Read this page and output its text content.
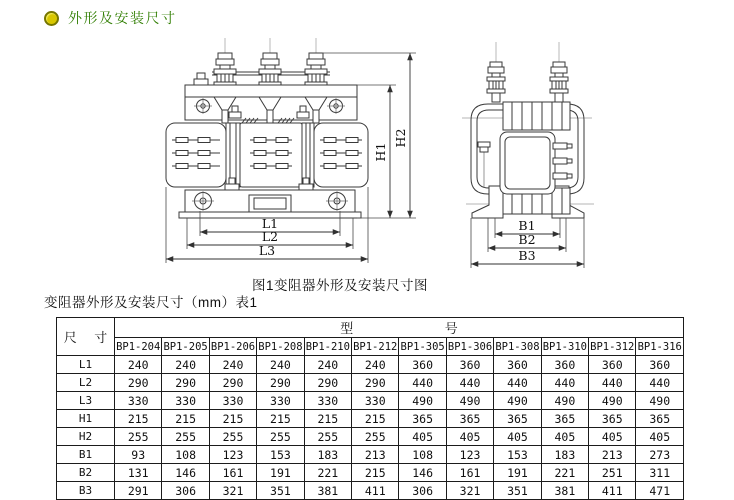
外形及安装尺寸
L1
L2
L3
H1
H2
B1
B2
B3
图1变阻器外形及安装尺寸图
变阻器外形及安装尺寸（mm）表1
尺 寸	型 号											
	BP1-204	BP1-205	BP1-206	BP1-208	BP1-210	BP1-212	BP1-305	BP1-306	BP1-308	BP1-310	BP1-312	BP1-316
L1	240	240	240	240	240	240	360	360	360	360	360	360
L2	290	290	290	290	290	290	440	440	440	440	440	440
L3	330	330	330	330	330	330	490	490	490	490	490	490
H1	215	215	215	215	215	215	365	365	365	365	365	365
H2	255	255	255	255	255	255	405	405	405	405	405	405
B1	93	108	123	153	183	213	108	123	153	183	213	273
B2	131	146	161	191	221	215	146	161	191	221	251	311
B3	291	306	321	351	381	411	306	321	351	381	411	471
